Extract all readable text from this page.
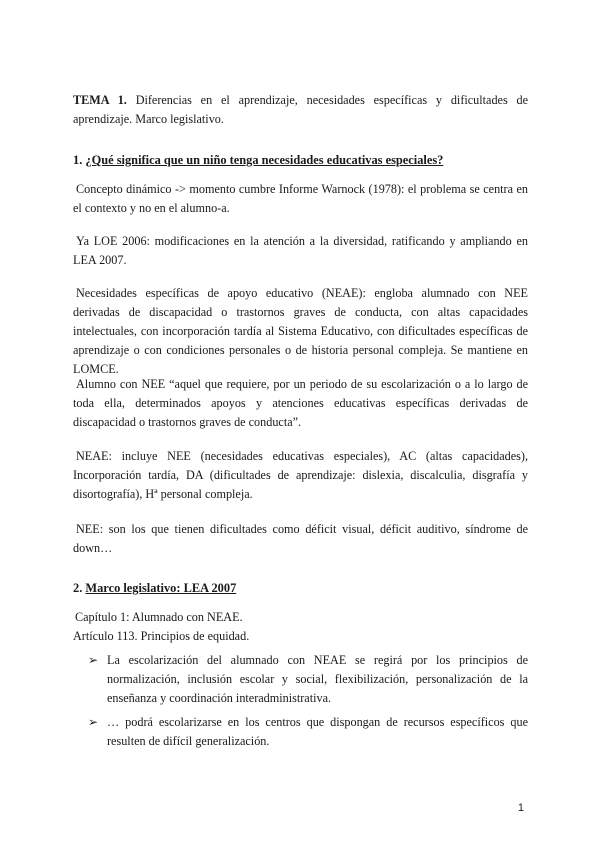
TEMA 1. Diferencias en el aprendizaje, necesidades específicas y dificultades de aprendizaje. Marco legislativo.

1. ¿Qué significa que un niño tenga necesidades educativas especiales?

Concepto dinámico -> momento cumbre Informe Warnock (1978): el problema se centra en el contexto y no en el alumno-a.

Ya LOE 2006: modificaciones en la atención a la diversidad, ratificando y ampliando en LEA 2007.

Necesidades específicas de apoyo educativo (NEAE): engloba alumnado con NEE derivadas de discapacidad o trastornos graves de conducta, con altas capacidades intelectuales, con incorporación tardía al Sistema Educativo, con dificultades específicas de aprendizaje o con condiciones personales o de historia personal compleja. Se mantiene en LOMCE.

Alumno con NEE “aquel que requiere, por un periodo de su escolarización o a lo largo de toda ella, determinados apoyos y atenciones educativas específicas derivadas de discapacidad o trastornos graves de conducta”.

NEAE: incluye NEE (necesidades educativas especiales), AC (altas capacidades), Incorporación tardía, DA (dificultades de aprendizaje: dislexia, discalculia, disgrafía y disortografía), Hª personal compleja.

NEE: son los que tienen dificultades como déficit visual, déficit auditivo, síndrome de down…

2. Marco legislativo: LEA 2007

Capítulo 1: Alumnado con NEAE.

Artículo 113. Principios de equidad.

➢ La escolarización del alumnado con NEAE se regirá por los principios de normalización, inclusión escolar y social, flexibilización, personalización de la enseñanza y coordinación interadministrativa.
➢ … podrá escolarizarse en los centros que dispongan de recursos específicos que resulten de difícil generalización.
1
